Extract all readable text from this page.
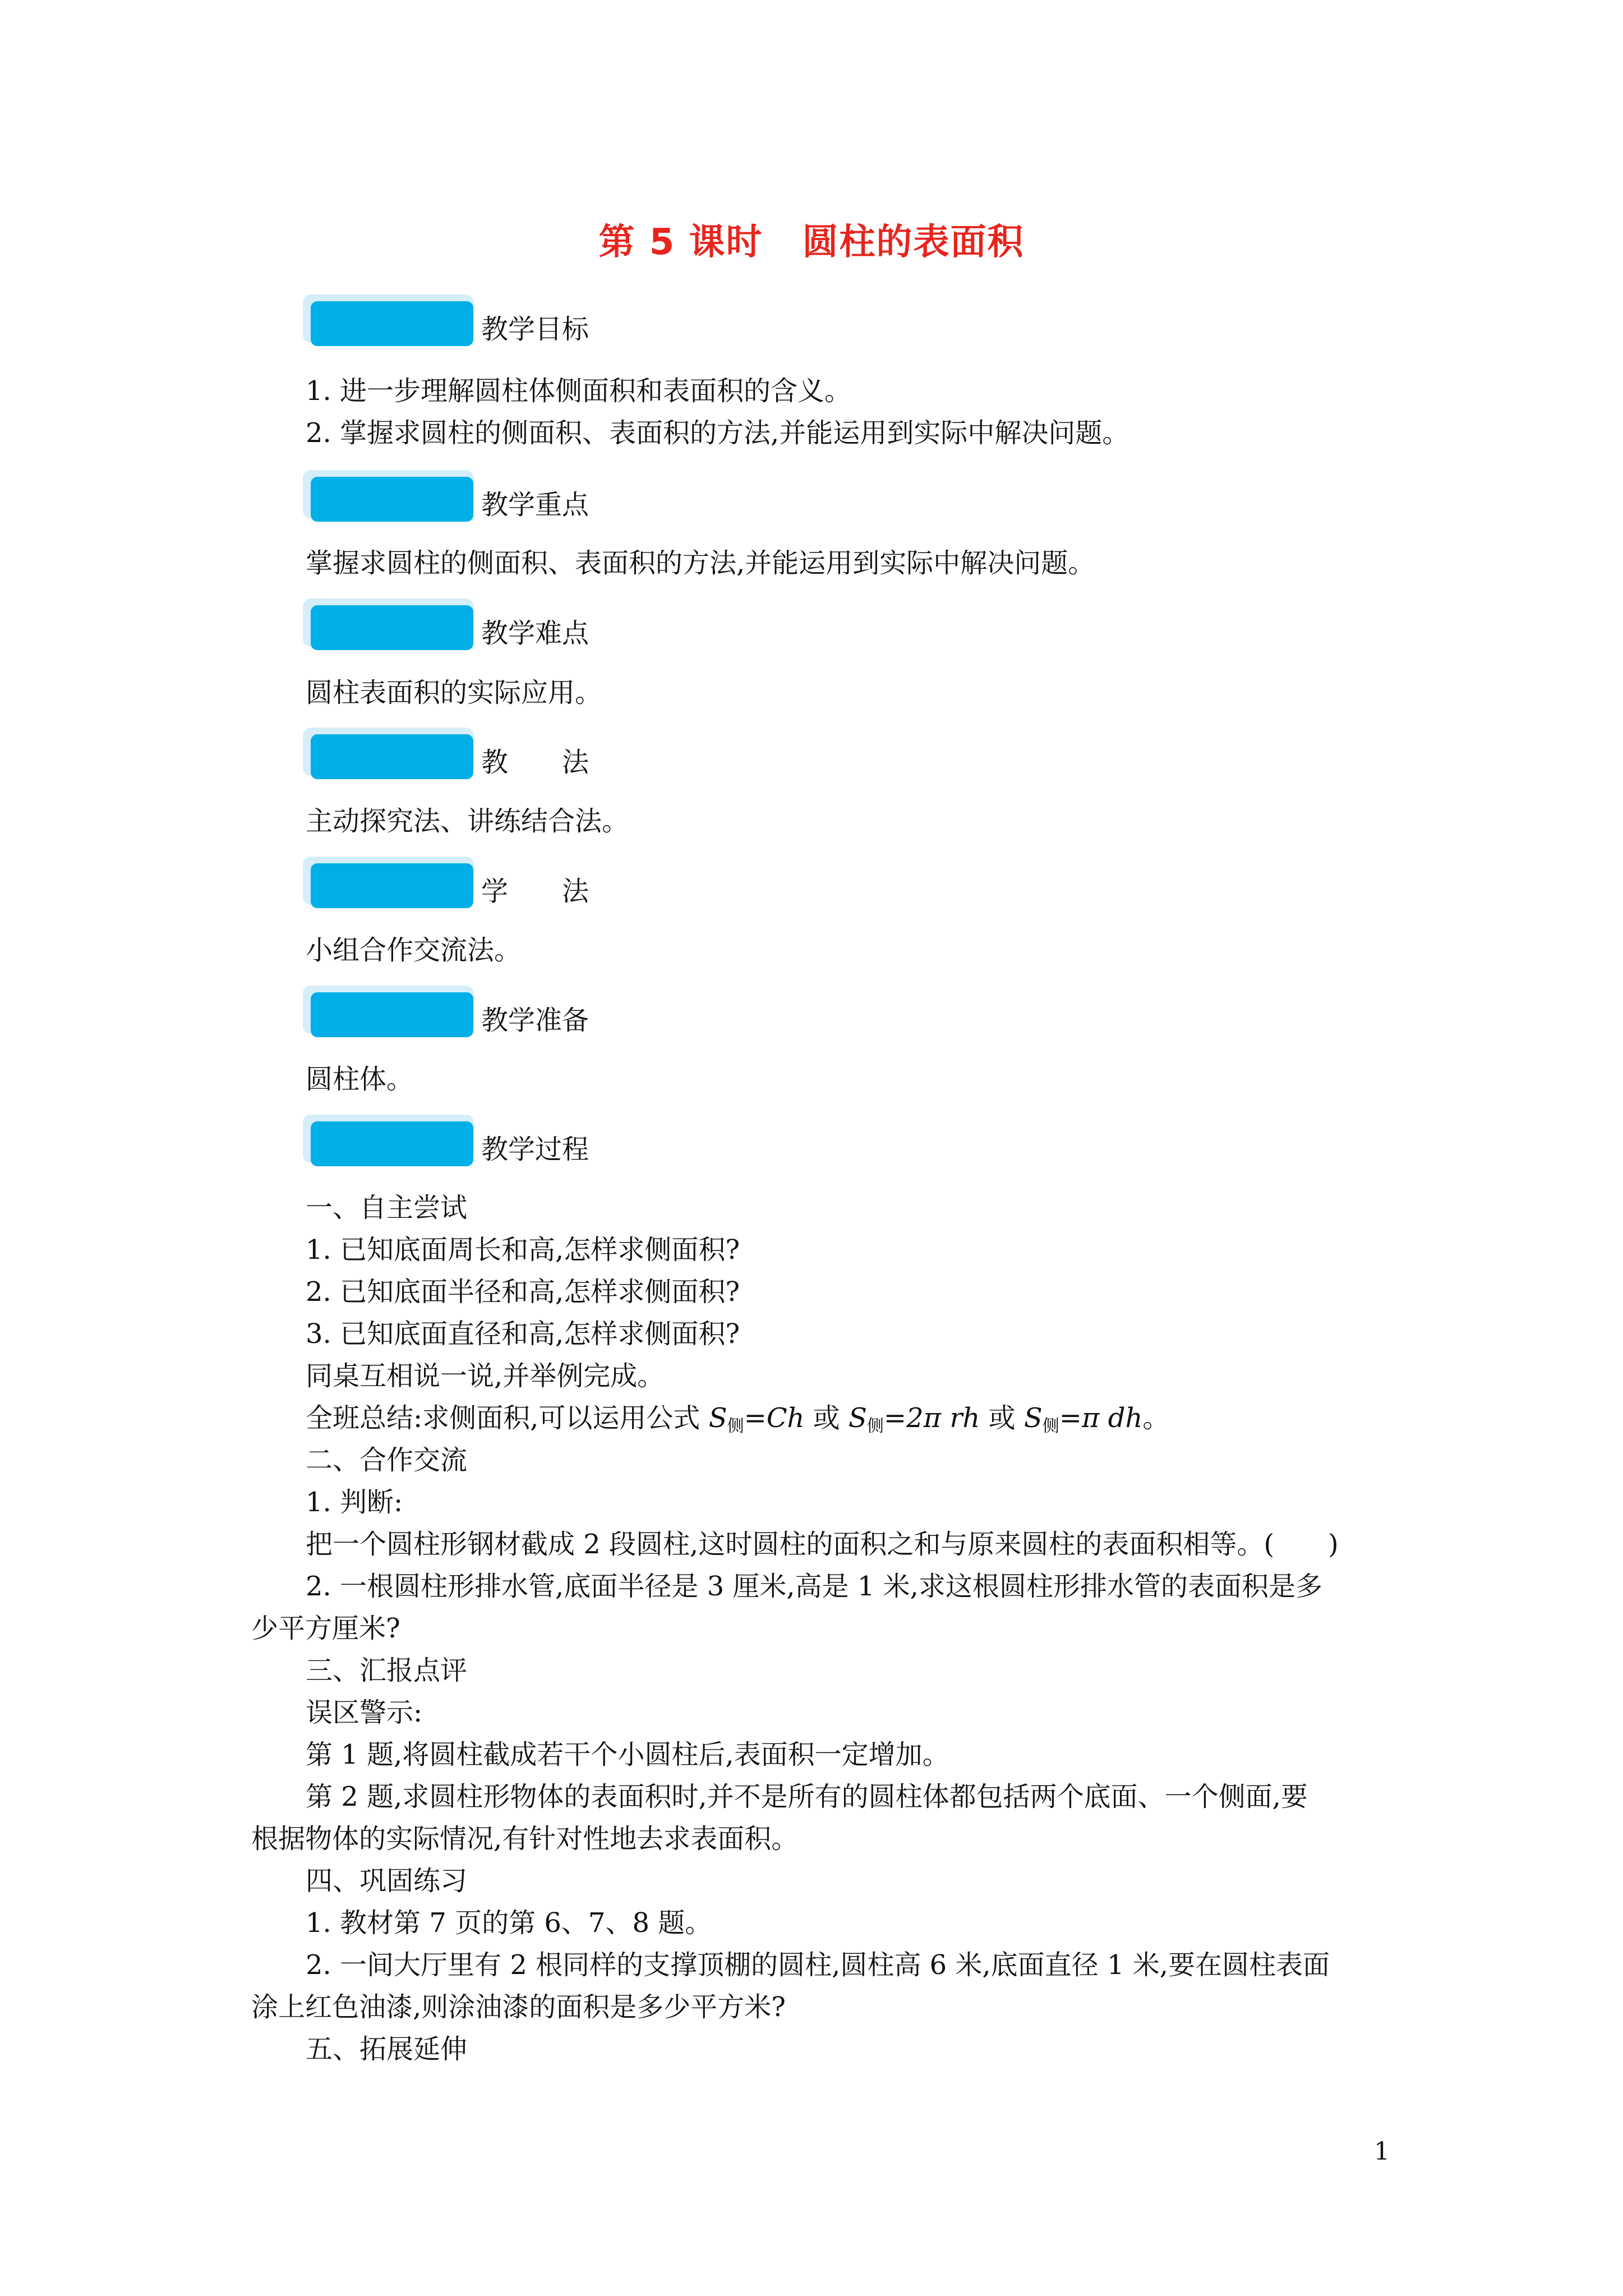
第 5 课时 圆柱的表面积
教学目标
1. 进一步理解圆柱体侧面积和表面积的含义。
2. 掌握求圆柱的侧面积、表面积的方法,并能运用到实际中解决问题。
教学重点
掌握求圆柱的侧面积、表面积的方法,并能运用到实际中解决问题。
教学难点
圆柱表面积的实际应用。
教　　法
主动探究法、讲练结合法。
学　　法
小组合作交流法。
教学准备
圆柱体。
教学过程
一、自主尝试
1. 已知底面周长和高,怎样求侧面积?
2. 已知底面半径和高,怎样求侧面积?
3. 已知底面直径和高,怎样求侧面积?
同桌互相说一说,并举例完成。
全班总结:求侧面积,可以运用公式 $S_侧=Ch$ 或 $S_侧=2\pi$ rh 或 $S_侧=\pi$ dh。
二、合作交流
1. 判断:
把一个圆柱形钢材截成 2 段圆柱,这时圆柱的面积之和与原来圆柱的表面积相等。(　　)
2. 一根圆柱形排水管,底面半径是 3 厘米,高是 1 米,求这根圆柱形排水管的表面积是多
少平方厘米?
三、汇报点评
误区警示:
第 1 题,将圆柱截成若干个小圆柱后,表面积一定增加。
第 2 题,求圆柱形物体的表面积时,并不是所有的圆柱体都包括两个底面、一个侧面,要
根据物体的实际情况,有针对性地去求表面积。
四、巩固练习
1. 教材第 7 页的第 6、7、8 题。
2. 一间大厅里有 2 根同样的支撑顶棚的圆柱,圆柱高 6 米,底面直径 1 米,要在圆柱表面
涂上红色油漆,则涂油漆的面积是多少平方米?
五、拓展延伸
1
